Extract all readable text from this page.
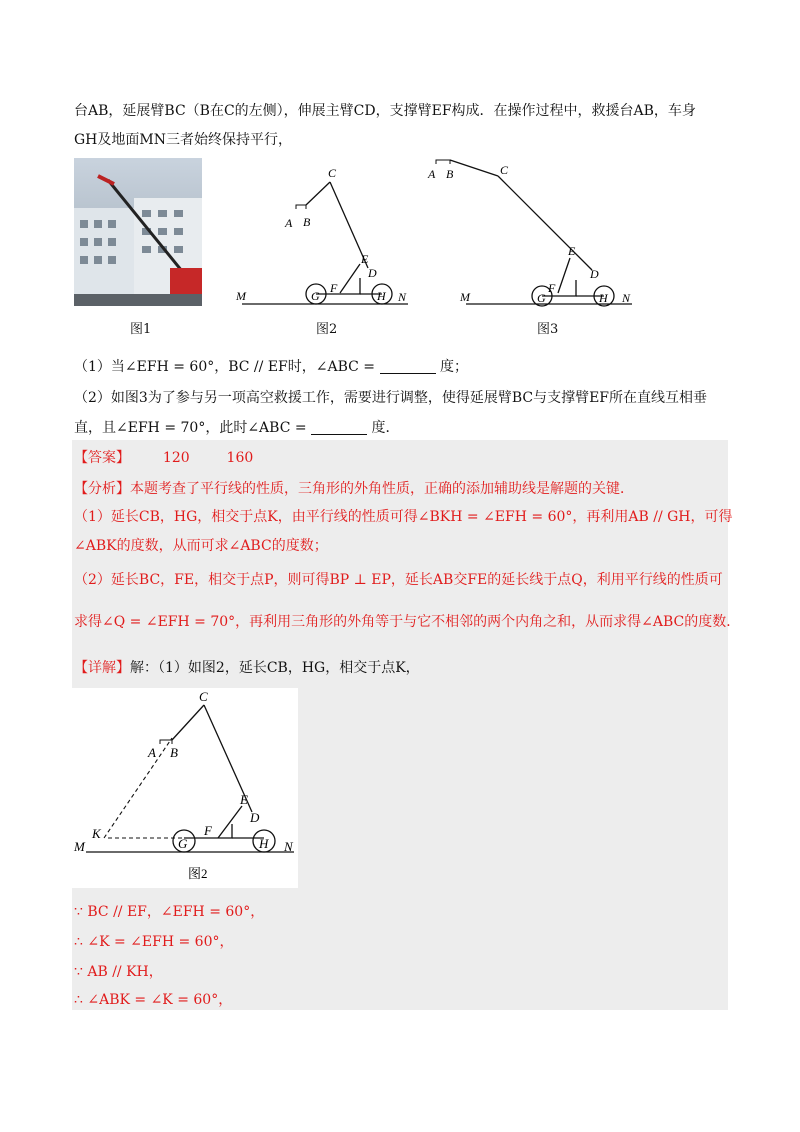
台AB，延展臂BC（B在C的左侧），伸展主臂CD，支撑臂EF构成．在操作过程中，救援台AB，车身
GH及地面MN三者始终保持平行，
C
A B
E
D
F
G	H
M	N
A B	C
E
D
F
G	H
M	N
图1	图2	图3
（1）当∠EFH = 60°，BC // EF时，∠ABC =	度；
（2）如图3为了参与另一项高空救援工作，需要进行调整，使得延展臂BC与支撑臂EF所在直线互相垂
直，且∠EFH = 70°，此时∠ABC =	度．
【答案】 120	160
【分析】本题考查了平行线的性质，三角形的外角性质，正确的添加辅助线是解题的关键．
（1）延长CB，HG，相交于点K，由平行线的性质可得∠BKH = ∠EFH = 60°，再利用AB // GH，可得
∠ABK的度数，从而可求∠ABC的度数；
（2）延长BC，FE，相交于点P，则可得BP ⊥ EP，延长AB交FE的延长线于点Q，利用平行线的性质可
求得∠Q = ∠EFH = 70°，再利用三角形的外角等于与它不相邻的两个内角之和，从而求得∠ABC的度数．
【详解】解：（1）如图2，延长CB，HG，相交于点K，
C
A B
E
D
F
K
G	H
M	N
图2
∵ BC // EF，∠EFH = 60°，
∴ ∠K = ∠EFH = 60°，
∵ AB // KH，
∴ ∠ABK = ∠K = 60°，
